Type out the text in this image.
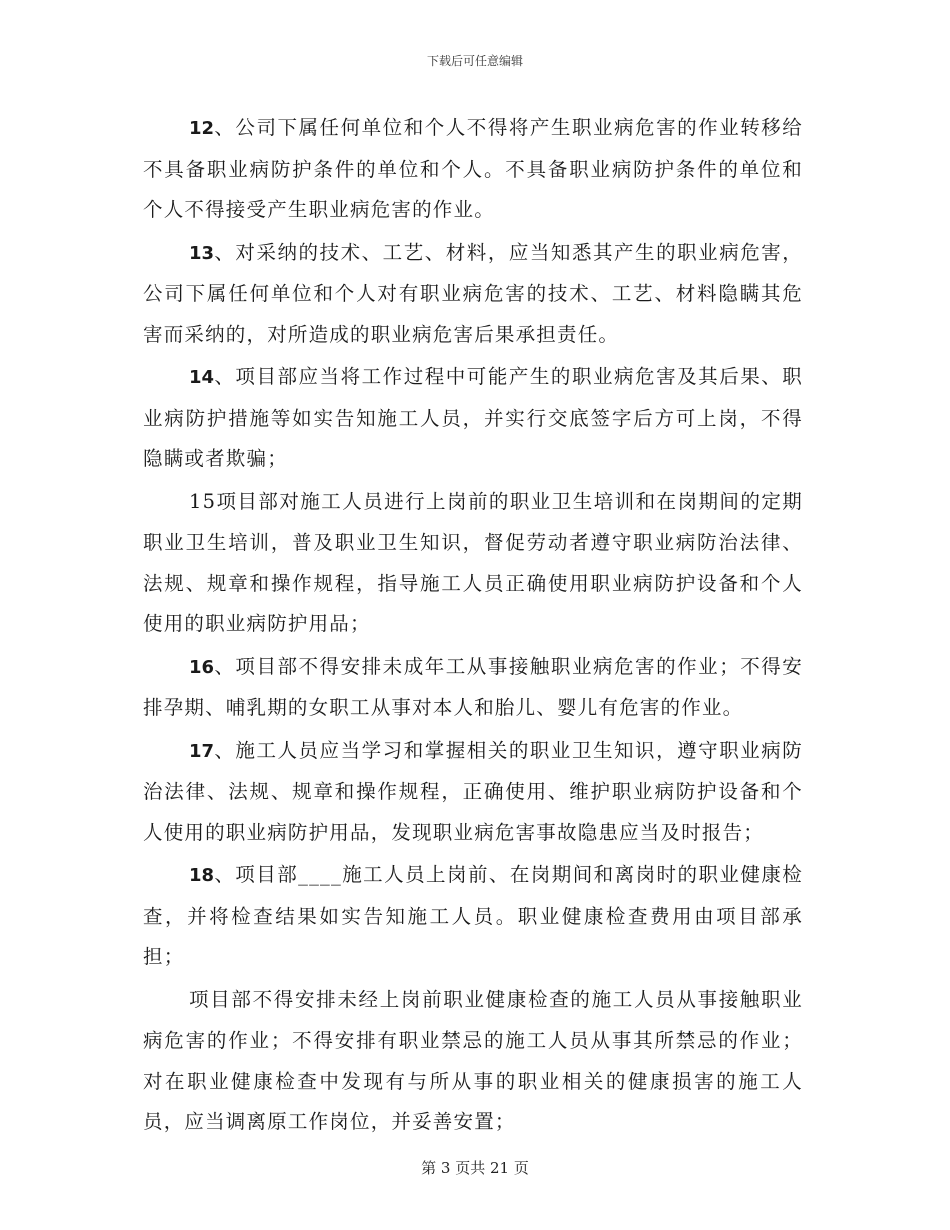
下载后可任意编辑

12、公司下属任何单位和个人不得将产生职业病危害的作业转移给不具备职业病防护条件的单位和个人。不具备职业病防护条件的单位和个人不得接受产生职业病危害的作业。

13、对采纳的技术、工艺、材料，应当知悉其产生的职业病危害，公司下属任何单位和个人对有职业病危害的技术、工艺、材料隐瞒其危害而采纳的，对所造成的职业病危害后果承担责任。

14、项目部应当将工作过程中可能产生的职业病危害及其后果、职业病防护措施等如实告知施工人员，并实行交底签字后方可上岗，不得隐瞒或者欺骗；

15项目部对施工人员进行上岗前的职业卫生培训和在岗期间的定期职业卫生培训，普及职业卫生知识，督促劳动者遵守职业病防治法律、法规、规章和操作规程，指导施工人员正确使用职业病防护设备和个人使用的职业病防护用品；

16、项目部不得安排未成年工从事接触职业病危害的作业；不得安排孕期、哺乳期的女职工从事对本人和胎儿、婴儿有危害的作业。

17、施工人员应当学习和掌握相关的职业卫生知识，遵守职业病防治法律、法规、规章和操作规程，正确使用、维护职业病防护设备和个人使用的职业病防护用品，发现职业病危害事故隐患应当及时报告；

18、项目部____施工人员上岗前、在岗期间和离岗时的职业健康检查，并将检查结果如实告知施工人员。职业健康检查费用由项目部承担；

项目部不得安排未经上岗前职业健康检查的施工人员从事接触职业病危害的作业；不得安排有职业禁忌的施工人员从事其所禁忌的作业；对在职业健康检查中发现有与所从事的职业相关的健康损害的施工人员，应当调离原工作岗位，并妥善安置；

第 3 页共 21 页
